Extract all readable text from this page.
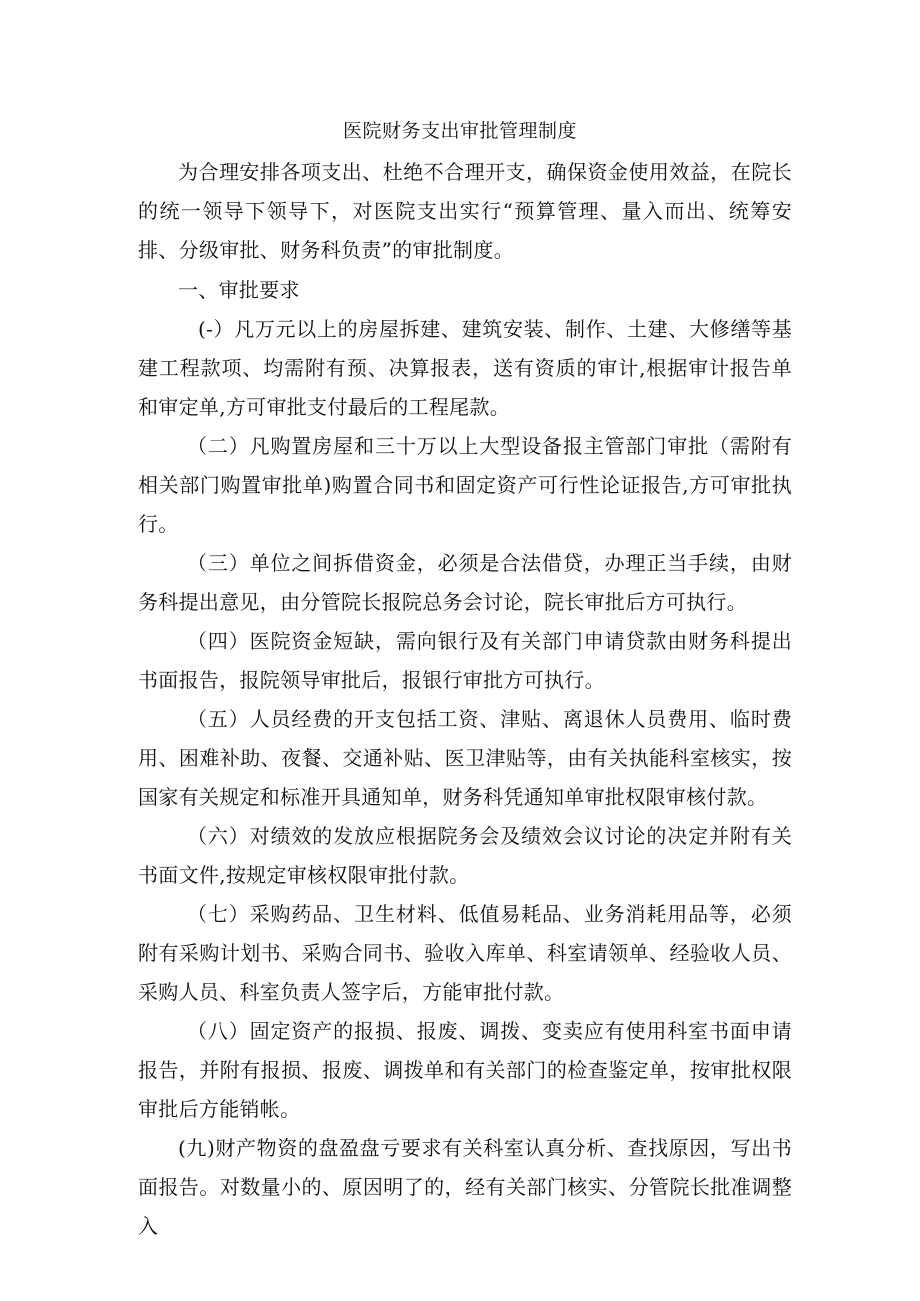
医院财务支出审批管理制度

为合理安排各项支出、杜绝不合理开支，确保资金使用效益，在院长的统一领导下领导下，对医院支出实行“预算管理、量入而出、统筹安排、分级审批、财务科负责”的审批制度。

一、审批要求

(-）凡万元以上的房屋拆建、建筑安装、制作、土建、大修缮等基建工程款项、均需附有预、决算报表，送有资质的审计,根据审计报告单和审定单,方可审批支付最后的工程尾款。

（二）凡购置房屋和三十万以上大型设备报主管部门审批（需附有相关部门购置审批单)购置合同书和固定资产可行性论证报告,方可审批执行。

（三）单位之间拆借资金，必须是合法借贷，办理正当手续，由财务科提出意见，由分管院长报院总务会讨论，院长审批后方可执行。

（四）医院资金短缺，需向银行及有关部门申请贷款由财务科提出书面报告，报院领导审批后，报银行审批方可执行。

（五）人员经费的开支包括工资、津贴、离退休人员费用、临时费用、困难补助、夜餐、交通补贴、医卫津贴等，由有关执能科室核实，按国家有关规定和标准开具通知单，财务科凭通知单审批权限审核付款。

（六）对绩效的发放应根据院务会及绩效会议讨论的决定并附有关书面文件,按规定审核权限审批付款。

（七）采购药品、卫生材料、低值易耗品、业务消耗用品等，必须附有采购计划书、采购合同书、验收入库单、科室请领单、经验收人员、采购人员、科室负责人签字后，方能审批付款。

（八）固定资产的报损、报废、调拨、变卖应有使用科室书面申请报告，并附有报损、报废、调拨单和有关部门的检查鉴定单，按审批权限审批后方能销帐。

(九)财产物资的盘盈盘亏要求有关科室认真分析、查找原因，写出书面报告。对数量小的、原因明了的，经有关部门核实、分管院长批准调整入
